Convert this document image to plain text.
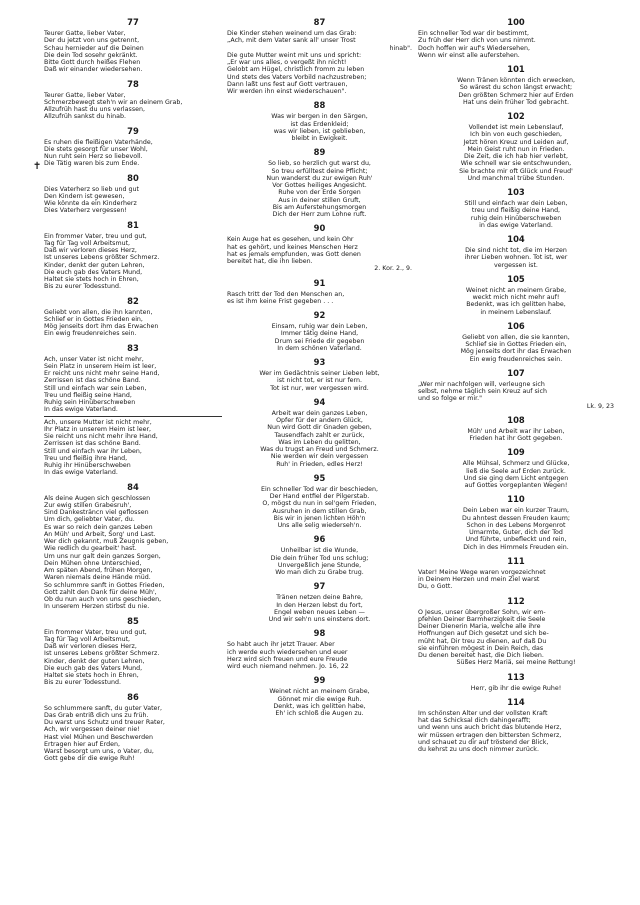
✝
77
Teurer Gatte, lieber Vater,
Der du jetzt von uns getrennt,
Schau hernieder auf die Deinen
Die dein Tod sosehr gekränkt.
Bitte Gott durch heißes Flehen
Daß wir einander wiedersehen.
78
Teurer Gatte, lieber Vater,
Schmerzbewegt steh'n wir an deinem Grab,
Allzufrüh hast du uns verlassen,
Allzufrüh sankst du hinab.
79
Es ruhen die fleißigen Vaterhände,
Die stets gesorgt für unser Wohl,
Nun ruht sein Herz so liebevoll.
Die Tätig waren bis zum Ende.
80
Dies Vaterherz so lieb und gut
Den Kindern ist gewesen,
Wie könnte da ein Kinderherz
Dies Vaterherz vergessen!
81
Ein frommer Vater, treu und gut,
Tag für Tag voll Arbeitsmut,
Daß wir verloren dieses Herz,
Ist unseres Lebens größter Schmerz.
Kinder, denkt der guten Lehren,
Die euch gab des Vaters Mund,
Haltet sie stets hoch in Ehren,
Bis zu eurer Todesstund.
82
Geliebt von allen, die ihn kannten,
Schlief er in Gottes Frieden ein,
Mög jenseits dort ihm das Erwachen
Ein ewig freudenreiches sein.
83
Ach, unser Vater ist nicht mehr,
Sein Platz in unserem Heim ist leer,
Er reicht uns nicht mehr seine Hand,
Zerrissen ist das schöne Band.
Still und einfach war sein Leben,
Treu und fleißig seine Hand,
Ruhig sein Hinüberschweben
In das ewige Vaterland.
Ach, unsere Mutter ist nicht mehr,
Ihr Platz in unserem Heim ist leer,
Sie reicht uns nicht mehr ihre Hand,
Zerrissen ist das schöne Band.
Still und einfach war ihr Leben,
Treu und fleißig ihre Hand,
Ruhig ihr Hinüberschweben
In das ewige Vaterland.
84
Als deine Augen sich geschlossen
Zur ewig stillen Grabesruh',
Sind Dankesträncn viel geflossen
Um dich, geliebter Vater, du.
Es war so reich dein ganzes Leben
An Müh' und Arbeit, Sorg' und Last.
Wer dich gekannt, muß Zeugnis geben,
Wie redlich du gearbeit' hast.
Um uns nur galt dein ganzes Sorgen,
Dein Mühen ohne Unterschied,
Am späten Abend, frühen Morgen,
Waren niemals deine Hände müd.
So schlummre sanft in Gottes Frieden,
Gott zahlt den Dank für deine Müh',
Ob du nun auch von uns geschieden,
In unserem Herzen stirbst du nie.
85
Ein frommer Vater, treu und gut,
Tag für Tag voll Arbeitsmut,
Daß wir verloren dieses Herz,
Ist unseres Lebens größter Schmerz.
Kinder, denkt der guten Lehren,
Die euch gab des Vaters Mund,
Haltet sie stets hoch in Ehren,
Bis zu eurer Todesstund.
86
So schlummere sanft, du guter Vater,
Das Grab entriß dich uns zu früh.
Du warst uns Schutz und treuer Rater,
Ach, wir vergessen deiner nie!
Hast viel Mühen und Beschwerden
Ertragen hier auf Erden,
Warst besorgt um uns, o Vater, du,
Gott gebe dir die ewige Ruh!
87
Die Kinder stehen weinend um das Grab:
„Ach, mit dem Vater sank all' unser Trost
hinab".
Die gute Mutter weint mit uns und spricht:
„Er war uns alles, o vergeßt ihn nicht!
Gelobt am Hügel, christlich fromm zu leben
Und stets des Vaters Vorbild nachzustreben;
Dann laßt uns fest auf Gott vertrauen,
Wir werden ihn einst wiederschauen".
88
Was wir bergen in den Särgen,
ist das Erdenkleid;
was wir lieben, ist geblieben,
bleibt in Ewigkeit.
89
So lieb, so herzlich gut warst du,
So treu erfülltest deine Pflicht;
Nun wanderst du zur ewigen Ruh'
Vor Gottes heiliges Angesicht.
Ruhe von der Erde Sorgen
Aus in deiner stillen Gruft,
Bis am Auferstehungsmorgen
Dich der Herr zum Lohne ruft.
90
Kein Auge hat es gesehen, und kein Ohr
hat es gehört, und keines Menschen Herz
hat es jemals empfunden, was Gott denen
bereitet hat, die ihn lieben.
2. Kor. 2., 9.
91
Rasch tritt der Tod den Menschen an,
es ist ihm keine Frist gegeben . . .
92
Einsam, ruhig war dein Leben,
Immer tätig deine Hand,
Drum sei Friede dir gegeben
In dem schönen Vaterland.
93
Wer im Gedächtnis seiner Lieben lebt,
ist nicht tot, er ist nur fern.
Tot ist nur, wer vergessen wird.
94
Arbeit war dein ganzes Leben,
Opfer für der andern Glück,
Nun wird Gott dir Gnaden geben,
Tausendfach zahlt er zurück,
Was im Leben du gelitten,
Was du trugst an Freud und Schmerz.
Nie werden wir dein vergessen
Ruh' in Frieden, edles Herz!
95
Ein schneller Tod war dir beschieden,
Der Hand entfiel der Pilgerstab.
O, mögst du nun in sel'gem Frieden,
Ausruhen in dem stillen Grab,
Bis wir in jenen lichten Höh'n
Uns alle selig wiederseh'n.
96
Unheilbar ist die Wunde,
Die dein früher Tod uns schlug;
Unvergeßlich jene Stunde,
Wo man dich zu Grabe trug.
97
Tränen netzen deine Bahre,
In den Herzen lebst du fort,
Engel weben neues Leben —
Und wir seh'n uns einstens dort.
98
So habt auch ihr jetzt Trauer. Aber
ich werde euch wiedersehen und euer
Herz wird sich freuen und eure Freude
wird euch niemand nehmen. Jo. 16, 22
99
Weinet nicht an meinem Grabe,
Gönnet mir die ewige Ruh.
Denkt, was ich gelitten habe,
Eh' ich schloß die Augen zu.
100
Ein schneller Tod war dir bestimmt,
Zu früh der Herr dich von uns nimmt.
Doch hoffen wir auf's Wiedersehen,
Wenn wir einst alle auferstehen.
101
Wenn Tränen könnten dich erwecken,
So wärest du schon längst erwacht;
Den größten Schmerz hier auf Erden
Hat uns dein früher Tod gebracht.
102
Vollendet ist mein Lebenslauf,
Ich bin von euch geschieden,
Jetzt hören Kreuz und Leiden auf,
Mein Geist ruht nun in Frieden.
Die Zeit, die ich hab hier verlebt,
Wie schnell war sie entschwunden,
Sie brachte mir oft Glück und Freud'
Und manchmal trübe Stunden.
103
Still und einfach war dein Leben,
treu und fleißig deine Hand,
ruhig dein Hinüberschweben
in das ewige Vaterland.
104
Die sind nicht tot, die im Herzen
ihrer Lieben wohnen. Tot ist, wer
vergessen ist.
105
Weinet nicht an meinem Grabe,
weckt mich nicht mehr auf!
Bedenkt, was ich gelitten habe,
in meinem Lebenslauf.
106
Geliebt von allen, die sie kannten,
Schlief sie in Gottes Frieden ein,
Mög jenseits dort ihr das Erwachen
Ein ewig freudenreiches sein.
107
„Wer mir nachfolgen will, verleugne sich
selbst, nehme täglich sein Kreuz auf sich
und so folge er mir."
Lk. 9, 23
108
Müh' und Arbeit war ihr Leben,
Frieden hat ihr Gott gegeben.
109
Alle Mühsal, Schmerz und Glücke,
ließ die Seele auf Erden zurück.
Und sie ging dem Licht entgegen
auf Gottes vorgeplanten Wegen!
110
Dein Leben war ein kurzer Traum,
Du ahntest dessen Freuden kaum;
Schon in des Lebens Morgenrot
Umarmte, Guter, dich der Tod
Und führte, unbefleckt und rein,
Dich in des Himmels Freuden ein.
111
Vater! Meine Wege waren vorgezeichnet
in Deinem Herzen und mein Ziel warst
Du, o Gott.
112
O Jesus, unser übergroßer Sohn, wir em-
pfehlen Deiner Barmherzigkeit die Seele
Deiner Dienerin Maria, welche alle ihre
Hoffnungen auf Dich gesetzt und sich be-
müht hat, Dir treu zu dienen, auf daß Du
sie einführen mögest in Dein Reich, das
Du denen bereitet hast, die Dich lieben.
Süßes Herz Mariä, sei meine Rettung!
113
Herr, gib ihr die ewige Ruhe!
114
Im schönsten Alter und der vollsten Kraft
hat das Schicksal dich dahingerafft;
und wenn uns auch bricht das blutende Herz,
wir müssen ertragen den bittersten Schmerz,
und schauet zu dir auf tröstend der Blick,
du kehrst zu uns doch nimmer zurück.
